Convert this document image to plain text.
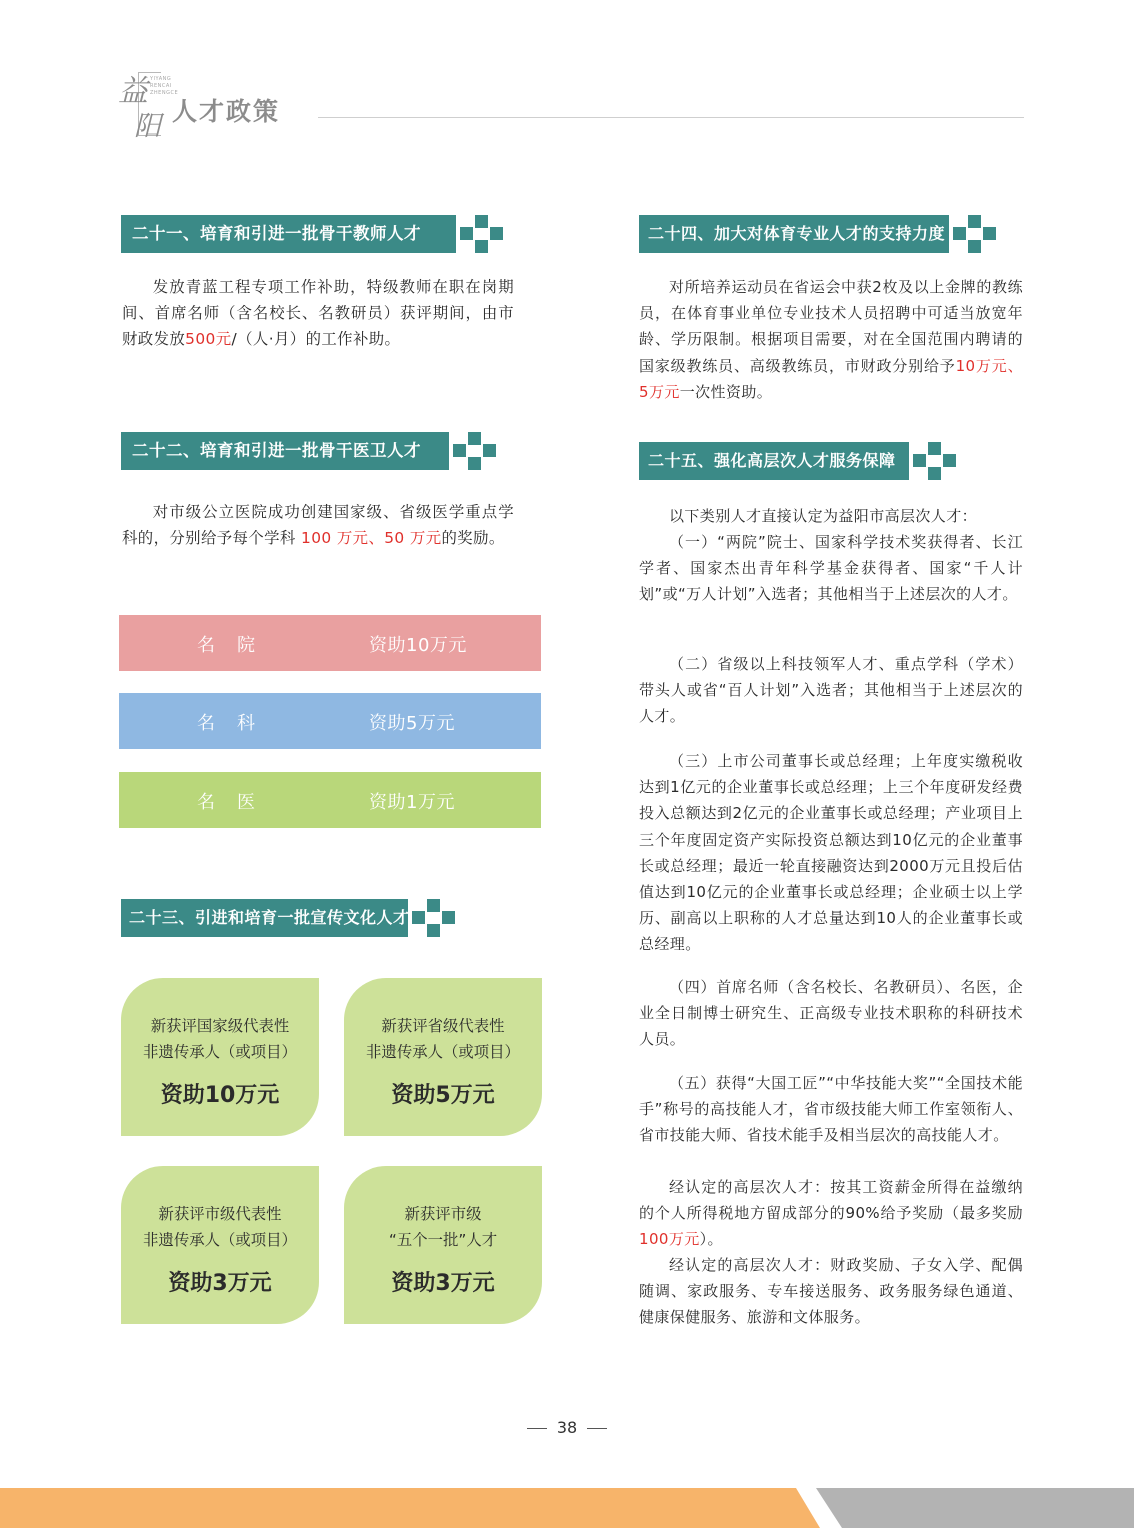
益
阳
YIYANG
RENCAI
ZHENGCE
人才政策
二十一、培育和引进一批骨干教师人才
发放青蓝工程专项工作补助，特级教师在职在岗期间、首席名师（含名校长、名教研员）获评期间，由市财政发放500元/（人·月）的工作补助。
二十二、培育和引进一批骨干医卫人才
对市级公立医院成功创建国家级、省级医学重点学科的，分别给予每个学科 100 万元、50 万元的奖励。
名院	资助10万元
名科	资助5万元
名医	资助1万元
二十三、引进和培育一批宣传文化人才
新获评国家级代表性
非遗传承人（或项目）
资助10万元
新获评省级代表性
非遗传承人（或项目）
资助5万元
新获评市级代表性
非遗传承人（或项目）
资助3万元
新获评市级
“五个一批”人才
资助3万元
二十四、加大对体育专业人才的支持力度
对所培养运动员在省运会中获2枚及以上金牌的教练员，在体育事业单位专业技术人员招聘中可适当放宽年龄、学历限制。根据项目需要，对在全国范围内聘请的国家级教练员、高级教练员，市财政分别给予10万元、5万元一次性资助。
二十五、强化高层次人才服务保障
以下类别人才直接认定为益阳市高层次人才：
（一）“两院”院士、国家科学技术奖获得者、长江学者、国家杰出青年科学基金获得者、国家“千人计划”或“万人计划”入选者；其他相当于上述层次的人才。
（二）省级以上科技领军人才、重点学科（学术）带头人或省“百人计划”入选者；其他相当于上述层次的人才。
（三）上市公司董事长或总经理；上年度实缴税收达到1亿元的企业董事长或总经理；上三个年度研发经费投入总额达到2亿元的企业董事长或总经理；产业项目上三个年度固定资产实际投资总额达到10亿元的企业董事长或总经理；最近一轮直接融资达到2000万元且投后估值达到10亿元的企业董事长或总经理；企业硕士以上学历、副高以上职称的人才总量达到10人的企业董事长或总经理。
（四）首席名师（含名校长、名教研员）、名医，企业全日制博士研究生、正高级专业技术职称的科研技术人员。
（五）获得“大国工匠”“中华技能大奖”“全国技术能手”称号的高技能人才，省市级技能大师工作室领衔人、省市技能大师、省技术能手及相当层次的高技能人才。
经认定的高层次人才：按其工资薪金所得在益缴纳的个人所得税地方留成部分的90%给予奖励（最多奖励100万元）。
经认定的高层次人才：财政奖励、子女入学、配偶随调、家政服务、专车接送服务、政务服务绿色通道、健康保健服务、旅游和文体服务。
38
